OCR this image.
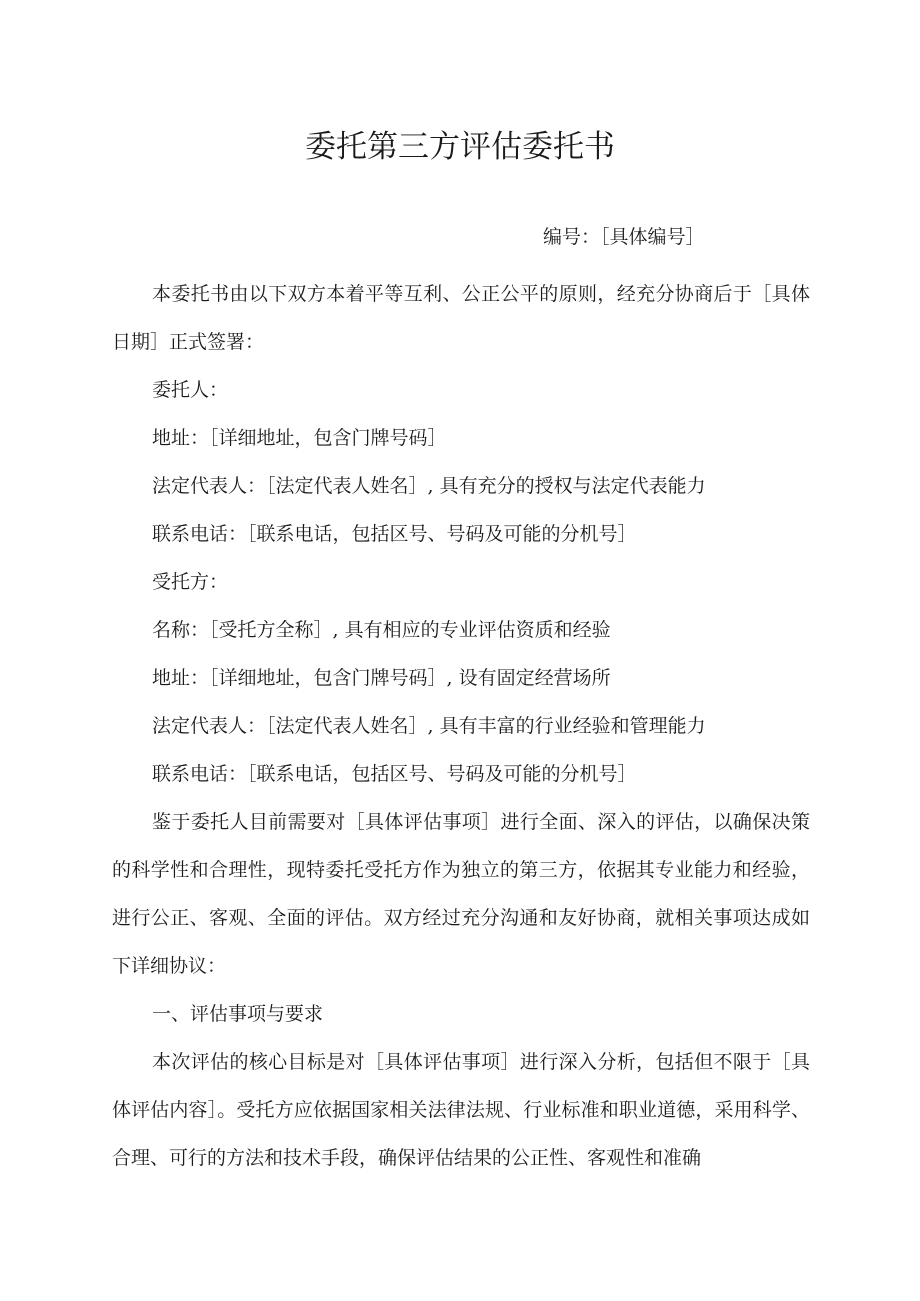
委托第三方评估委托书
编号：［具体编号］

本委托书由以下双方本着平等互利、公正公平的原则，经充分协商后于［具体日期］正式签署：

委托人：

地址：［详细地址，包含门牌号码］

法定代表人：［法定代表人姓名］, 具有充分的授权与法定代表能力

联系电话：［联系电话，包括区号、号码及可能的分机号］

受托方：

名称：［受托方全称］, 具有相应的专业评估资质和经验

地址：［详细地址，包含门牌号码］, 设有固定经营场所

法定代表人：［法定代表人姓名］, 具有丰富的行业经验和管理能力

联系电话：［联系电话，包括区号、号码及可能的分机号］

鉴于委托人目前需要对［具体评估事项］进行全面、深入的评估，以确保决策的科学性和合理性，现特委托受托方作为独立的第三方，依据其专业能力和经验，进行公正、客观、全面的评估。双方经过充分沟通和友好协商，就相关事项达成如下详细协议：

一、评估事项与要求

本次评估的核心目标是对［具体评估事项］进行深入分析，包括但不限于［具体评估内容］。受托方应依据国家相关法律法规、行业标准和职业道德，采用科学、合理、可行的方法和技术手段，确保评估结果的公正性、客观性和准确
